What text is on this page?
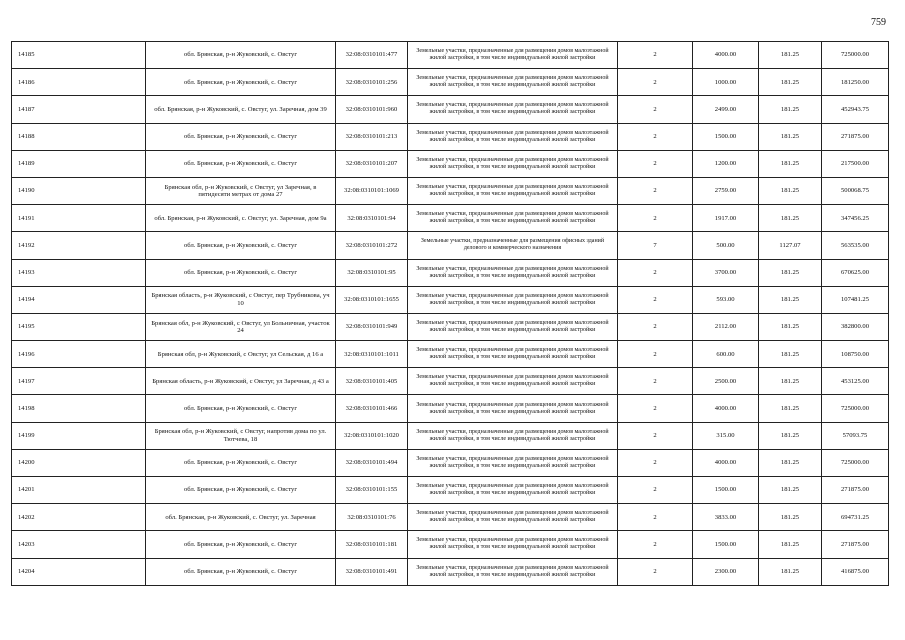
759
14185	обл. Брянская, р-н Жуковский, с. Овстуг	32:08:0310101:477	Земельные участки, предназначенные для размещения домов малоэтажной жилой застройки, в том числе индивидуальной жилой застройки	2	4000.00	181.25	725000.00
14186	обл. Брянская, р-н Жуковский, с. Овстуг	32:08:0310101:256	Земельные участки, предназначенные для размещения домов малоэтажной жилой застройки, в том числе индивидуальной жилой застройки	2	1000.00	181.25	181250.00
14187	обл. Брянская, р-н Жуковский, с. Овстуг, ул. Заречная, дом 39	32:08:0310101:960	Земельные участки, предназначенные для размещения домов малоэтажной жилой застройки, в том числе индивидуальной жилой застройки	2	2499.00	181.25	452943.75
14188	обл. Брянская, р-н Жуковский, с. Овстуг	32:08:0310101:213	Земельные участки, предназначенные для размещения домов малоэтажной жилой застройки, в том числе индивидуальной жилой застройки	2	1500.00	181.25	271875.00
14189	обл. Брянская, р-н Жуковский, с. Овстуг	32:08:0310101:207	Земельные участки, предназначенные для размещения домов малоэтажной жилой застройки, в том числе индивидуальной жилой застройки	2	1200.00	181.25	217500.00
14190	Брянская обл, р-н Жуковский, с Овстуг, ул Заречная, в пятидесяти метрах от дома 27	32:08:0310101:1069	Земельные участки, предназначенные для размещения домов малоэтажной жилой застройки, в том числе индивидуальной жилой застройки	2	2759.00	181.25	500068.75
14191	обл. Брянская, р-н Жуковский, с. Овстуг, ул. Заречная, дом 9а	32:08:0310101:94	Земельные участки, предназначенные для размещения домов малоэтажной жилой застройки, в том числе индивидуальной жилой застройки	2	1917.00	181.25	347456.25
14192	обл. Брянская, р-н Жуковский, с. Овстуг	32:08:0310101:272	Земельные участки, предназначенные для размещения офисных зданий делового и коммерческого назначения	7	500.00	1127.07	563535.00
14193	обл. Брянская, р-н Жуковский, с. Овстуг	32:08:0310101:95	Земельные участки, предназначенные для размещения домов малоэтажной жилой застройки, в том числе индивидуальной жилой застройки	2	3700.00	181.25	670625.00
14194	Брянская область, р-н Жуковский, с Овстуг, пер Трубникова, уч 10	32:08:0310101:1655	Земельные участки, предназначенные для размещения домов малоэтажной жилой застройки, в том числе индивидуальной жилой застройки	2	593.00	181.25	107481.25
14195	Брянская обл, р-н Жуковский, с Овстуг, ул Больничная, участок 24	32:08:0310101:949	Земельные участки, предназначенные для размещения домов малоэтажной жилой застройки, в том числе индивидуальной жилой застройки	2	2112.00	181.25	382800.00
14196	Брянская обл, р-н Жуковский, с Овстуг, ул Сельская, д 16 а	32:08:0310101:1011	Земельные участки, предназначенные для размещения домов малоэтажной жилой застройки, в том числе индивидуальной жилой застройки	2	600.00	181.25	108750.00
14197	Брянская область, р-н Жуковский, с Овстуг, ул Заречная, д 43 а	32:08:0310101:405	Земельные участки, предназначенные для размещения домов малоэтажной жилой застройки, в том числе индивидуальной жилой застройки	2	2500.00	181.25	453125.00
14198	обл. Брянская, р-н Жуковский, с. Овстуг	32:08:0310101:466	Земельные участки, предназначенные для размещения домов малоэтажной жилой застройки, в том числе индивидуальной жилой застройки	2	4000.00	181.25	725000.00
14199	Брянская обл, р-н Жуковский, с Овстуг, напротив дома по ул. Тютчева, 18	32:08:0310101:1020	Земельные участки, предназначенные для размещения домов малоэтажной жилой застройки, в том числе индивидуальной жилой застройки	2	315.00	181.25	57093.75
14200	обл. Брянская, р-н Жуковский, с. Овстуг	32:08:0310101:494	Земельные участки, предназначенные для размещения домов малоэтажной жилой застройки, в том числе индивидуальной жилой застройки	2	4000.00	181.25	725000.00
14201	обл. Брянская, р-н Жуковский, с. Овстуг	32:08:0310101:155	Земельные участки, предназначенные для размещения домов малоэтажной жилой застройки, в том числе индивидуальной жилой застройки	2	1500.00	181.25	271875.00
14202	обл. Брянская, р-н Жуковский, с. Овстуг, ул. Заречная	32:08:0310101:76	Земельные участки, предназначенные для размещения домов малоэтажной жилой застройки, в том числе индивидуальной жилой застройки	2	3833.00	181.25	694731.25
14203	обл. Брянская, р-н Жуковский, с. Овстуг	32:08:0310101:181	Земельные участки, предназначенные для размещения домов малоэтажной жилой застройки, в том числе индивидуальной жилой застройки	2	1500.00	181.25	271875.00
14204	обл. Брянская, р-н Жуковский, с. Овстуг	32:08:0310101:491	Земельные участки, предназначенные для размещения домов малоэтажной жилой застройки, в том числе индивидуальной жилой застройки	2	2300.00	181.25	416875.00
